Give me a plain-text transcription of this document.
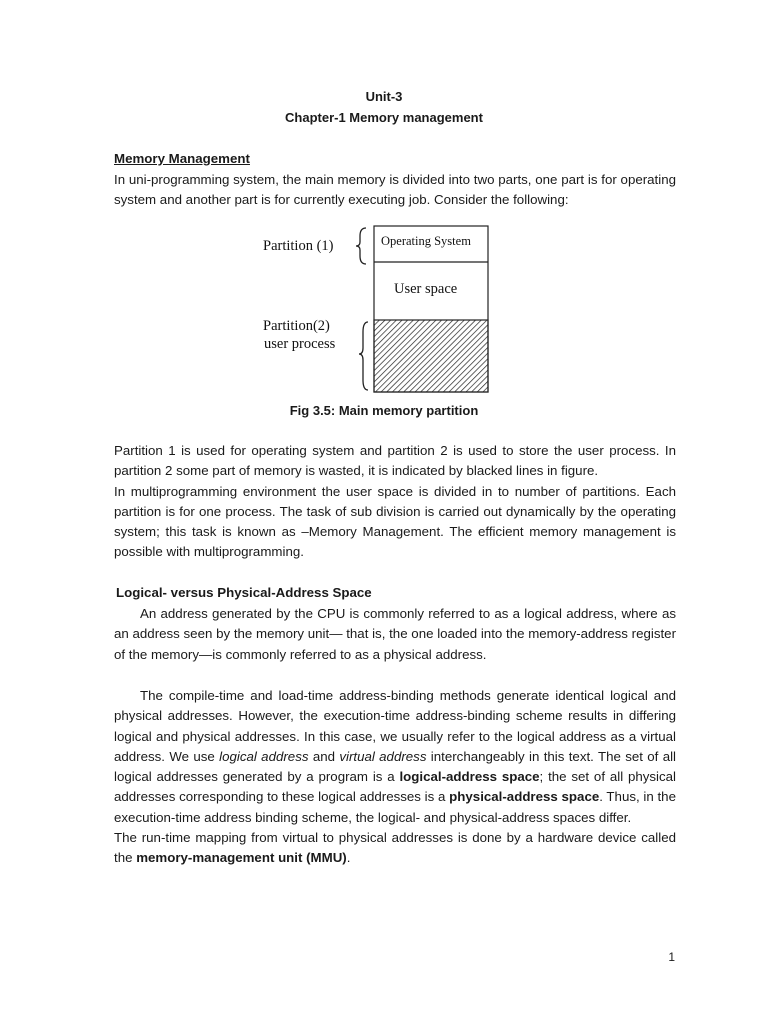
Unit-3
Chapter-1 Memory management
Memory Management

In uni-programming system, the main memory is divided into two parts, one part is for operating system and another part is for currently executing job. Consider the following:

Operating System
User space
Partition (1)
Partition(2)
user process
Fig 3.5: Main memory partition

Partition 1 is used for operating system and partition 2 is used to store the user process. In partition 2 some part of memory is wasted, it is indicated by blacked lines in figure.

In multiprogramming environment the user space is divided in to number of partitions. Each partition is for one process. The task of sub division is carried out dynamically by the operating system; this task is known as –Memory Management. The efficient memory management is possible with multiprogramming.

Logical- versus Physical-Address Space

An address generated by the CPU is commonly referred to as a logical address, where as an address seen by the memory unit— that is, the one loaded into the memory-address register of the memory—is commonly referred to as a physical address.

The compile-time and load-time address-binding methods generate identical logical and physical addresses. However, the execution-time address-binding scheme results in differing logical and physical addresses. In this case, we usually refer to the logical address as a virtual address. We use logical address and virtual address interchangeably in this text. The set of all logical addresses generated by a program is a logical-address space; the set of all physical addresses corresponding to these logical addresses is a physical-address space. Thus, in the execution-time address binding scheme, the logical- and physical-address spaces differ.

The run-time mapping from virtual to physical addresses is done by a hardware device called the memory-management unit (MMU).

1
